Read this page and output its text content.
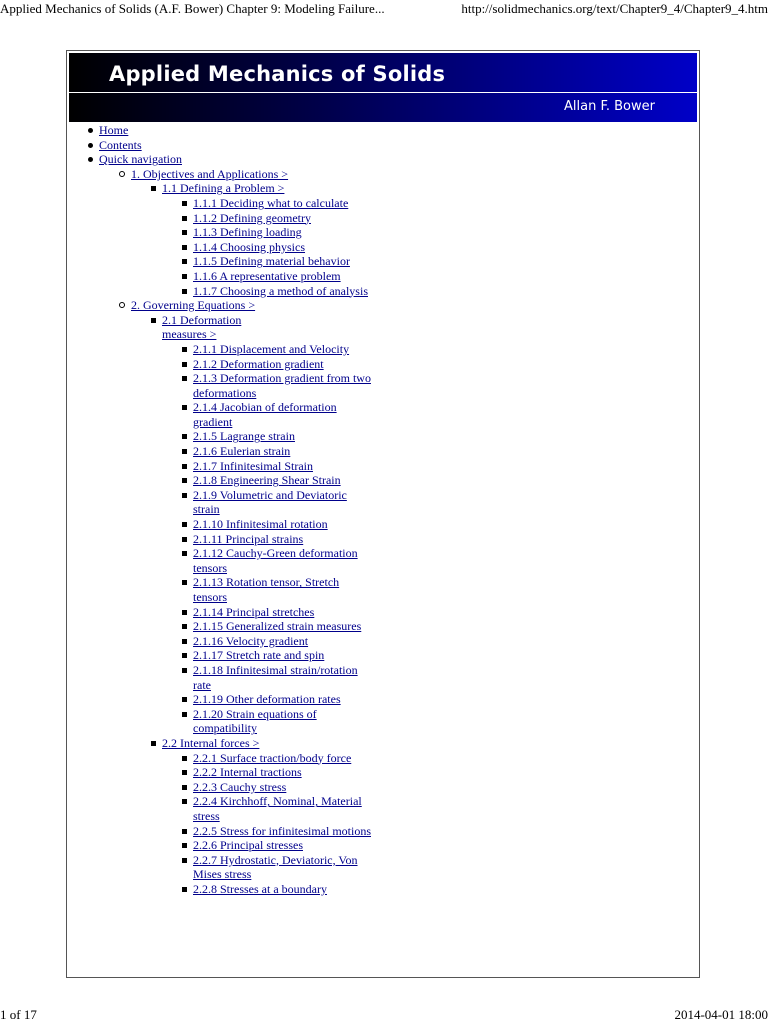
Applied Mechanics of Solids (A.F. Bower) Chapter 9: Modeling Failure...	http://solidmechanics.org/text/Chapter9_4/Chapter9_4.htm
Applied Mechanics of Solids
Allan F. Bower
Home
Contents
Quick navigation
1. Objectives and Applications >
1.1 Defining a Problem >
1.1.1 Deciding what to calculate
1.1.2 Defining geometry
1.1.3 Defining loading
1.1.4 Choosing physics
1.1.5 Defining material behavior
1.1.6 A representative problem
1.1.7 Choosing a method of analysis
2. Governing Equations >
2.1 Deformation measures >
2.1.1 Displacement and Velocity
2.1.2 Deformation gradient
2.1.3 Deformation gradient from two deformations
2.1.4 Jacobian of deformation gradient
2.1.5 Lagrange strain
2.1.6 Eulerian strain
2.1.7 Infinitesimal Strain
2.1.8 Engineering Shear Strain
2.1.9 Volumetric and Deviatoric strain
2.1.10 Infinitesimal rotation
2.1.11 Principal strains
2.1.12 Cauchy-Green deformation tensors
2.1.13 Rotation tensor, Stretch tensors
2.1.14 Principal stretches
2.1.15 Generalized strain measures
2.1.16 Velocity gradient
2.1.17 Stretch rate and spin
2.1.18 Infinitesimal strain/rotation rate
2.1.19 Other deformation rates
2.1.20 Strain equations of compatibility
2.2 Internal forces >
2.2.1 Surface traction/body force
2.2.2 Internal tractions
2.2.3 Cauchy stress
2.2.4 Kirchhoff, Nominal, Material stress
2.2.5 Stress for infinitesimal motions
2.2.6 Principal stresses
2.2.7 Hydrostatic, Deviatoric, Von Mises stress
2.2.8 Stresses at a boundary
1 of 17	2014-04-01 18:00
